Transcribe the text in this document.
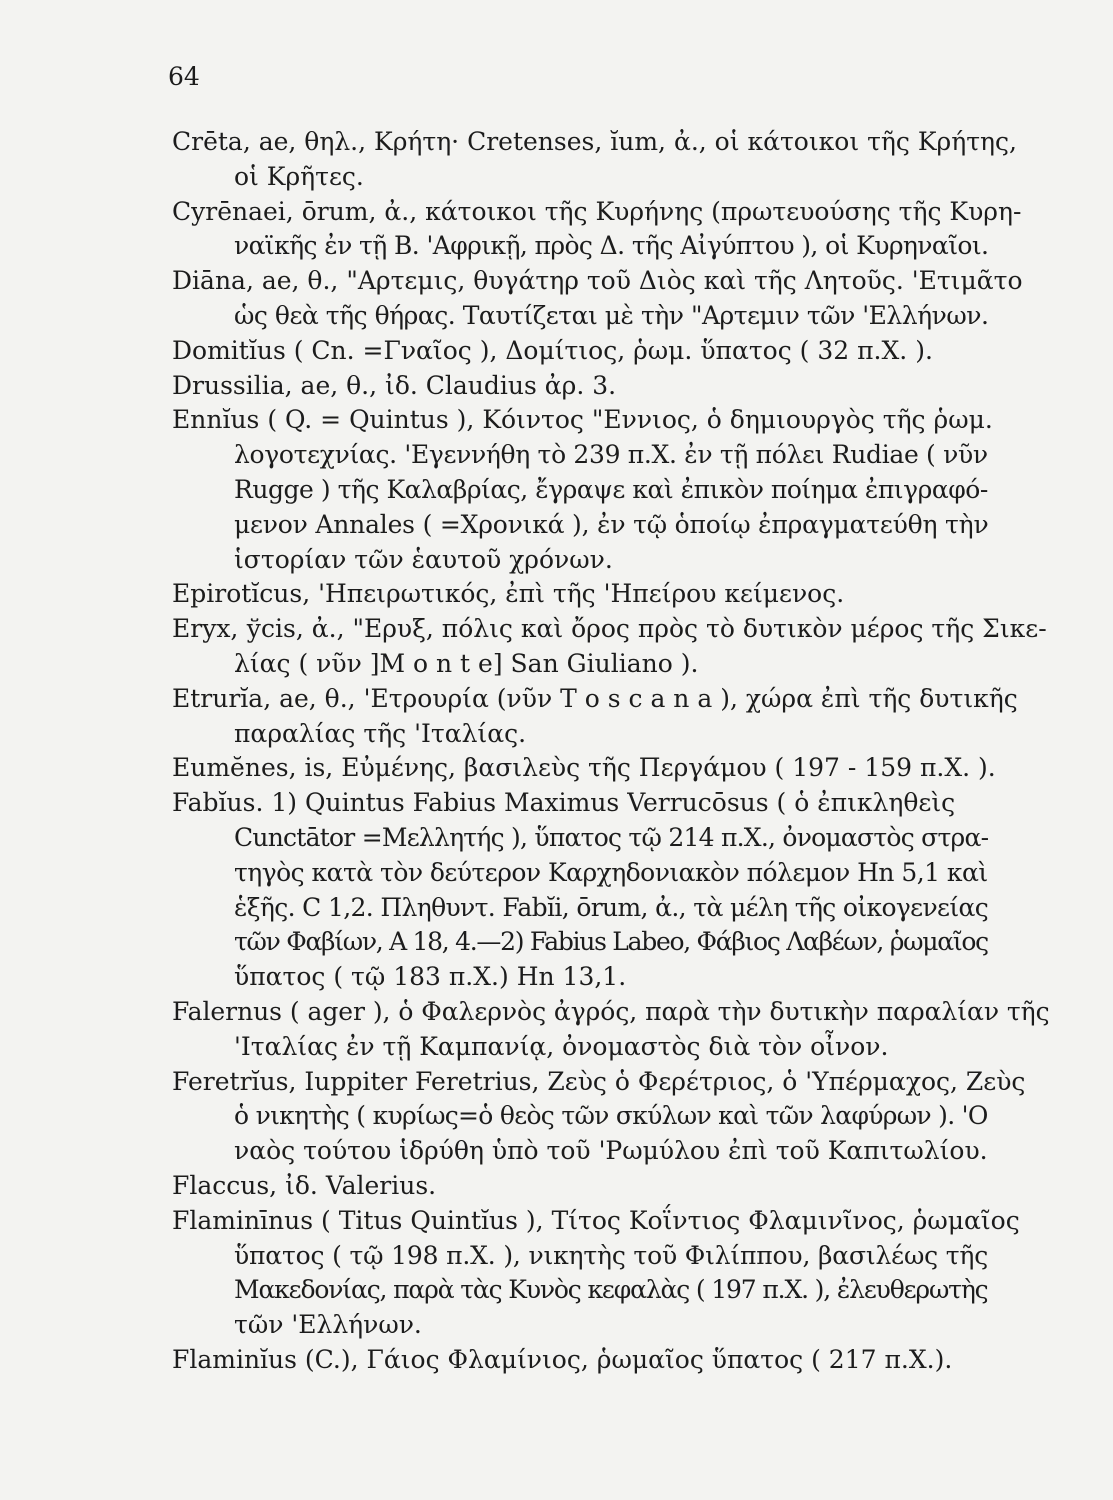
64
Crēta, ae, θηλ., Κρήτη· Cretenses, ĭum, ἀ., οἱ κάτοικοι τῆς Κρήτης,
οἱ Κρῆτες.
Cyrēnaei, ōrum, ἀ., κάτοικοι τῆς Κυρήνης (πρωτευούσης τῆς Κυρη-
ναϊκῆς ἐν τῇ Β. 'Αφρικῇ, πρὸς Δ. τῆς Αἰγύπτου ), οἱ Κυρηναῖοι.
Diāna, ae, θ., "Αρτεμις, θυγάτηρ τοῦ Διὸς καὶ τῆς Λητοῦς. 'Ετιμᾶτο
ὡς θεὰ τῆς θήρας. Ταυτίζεται μὲ τὴν "Αρτεμιν τῶν 'Ελλήνων.
Domitĭus ( Cn. =Γναῖος ), Δομίτιος, ῥωμ. ὕπατος ( 32 π.Χ. ).
Drussilia, ae, θ., ἰδ. Claudius ἀρ. 3.
Ennĭus ( Q. = Quintus ), Κόιντος "Εννιος, ὁ δημιουργὸς τῆς ῥωμ.
λογοτεχνίας. 'Εγεννήθη τὸ 239 π.Χ. ἐν τῇ πόλει Rudiae ( νῦν
Rugge ) τῆς Καλαβρίας, ἔγραψε καὶ ἐπικὸν ποίημα ἐπιγραφό-
μενον Annales ( =Χρονικά ), ἐν τῷ ὁποίῳ ἐπραγματεύθη τὴν
ἱστορίαν τῶν ἑαυτοῦ χρόνων.
Epirotĭcus, 'Ηπειρωτικός, ἐπὶ τῆς 'Ηπείρου κείμενος.
Eryx, ўcis, ἀ., "Ερυξ, πόλις καὶ ὄρος πρὸς τὸ δυτικὸν μέρος τῆς Σικε-
λίας ( νῦν ]M o n t e] San Giuliano ).
Etrurĭa, ae, θ., 'Ετρουρία (νῦν T o s c a n a ), χώρα ἐπὶ τῆς δυτικῆς
παραλίας τῆς 'Ιταλίας.
Eumĕnes, is, Εὐμένης, βασιλεὺς τῆς Περγάμου ( 197 - 159 π.Χ. ).
Fabĭus. 1) Quintus Fabius Maximus Verrucōsus ( ὁ ἐπικληθεὶς
Cunctātor =Μελλητής ), ὕπατος τῷ 214 π.Χ., ὀνομαστὸς στρα-
τηγὸς κατὰ τὸν δεύτερον Καρχηδονιακὸν πόλεμον Hn 5,1 καὶ
ἑξῆς. C 1,2. Πληθυντ. Fabĭi, ōrum, ἀ., τὰ μέλη τῆς οἰκογενείας
τῶν Φαβίων, A 18, 4.—2) Fabius Labeo, Φάβιος Λαβέων, ῥωμαῖος
ὕπατος ( τῷ 183 π.Χ.) Hn 13,1.
Falernus ( ager ), ὁ Φαλερνὸς ἀγρός, παρὰ τὴν δυτικὴν παραλίαν τῆς
'Ιταλίας ἐν τῇ Καμπανίᾳ, ὀνομαστὸς διὰ τὸν οἶνον.
Feretrĭus, Iuppiter Feretrius, Ζεὺς ὁ Φερέτριος, ὁ 'Υπέρμαχος, Ζεὺς
ὁ νικητὴς ( κυρίως=ὁ θεὸς τῶν σκύλων καὶ τῶν λαφύρων ). 'Ο
ναὸς τούτου ἱδρύθη ὑπὸ τοῦ 'Ρωμύλου ἐπὶ τοῦ Καπιτωλίου.
Flaccus, ἰδ. Valerius.
Flaminīnus ( Titus Quintĭus ), Τίτος Κοΐντιος Φλαμινῖνος, ῥωμαῖος
ὕπατος ( τῷ 198 π.Χ. ), νικητὴς τοῦ Φιλίππου, βασιλέως τῆς
Μακεδονίας, παρὰ τὰς Κυνὸς κεφαλὰς ( 197 π.Χ. ), ἐλευθερωτὴς
τῶν 'Ελλήνων.
Flaminĭus (C.), Γάιος Φλαμίνιος, ῥωμαῖος ὕπατος ( 217 π.Χ.).
